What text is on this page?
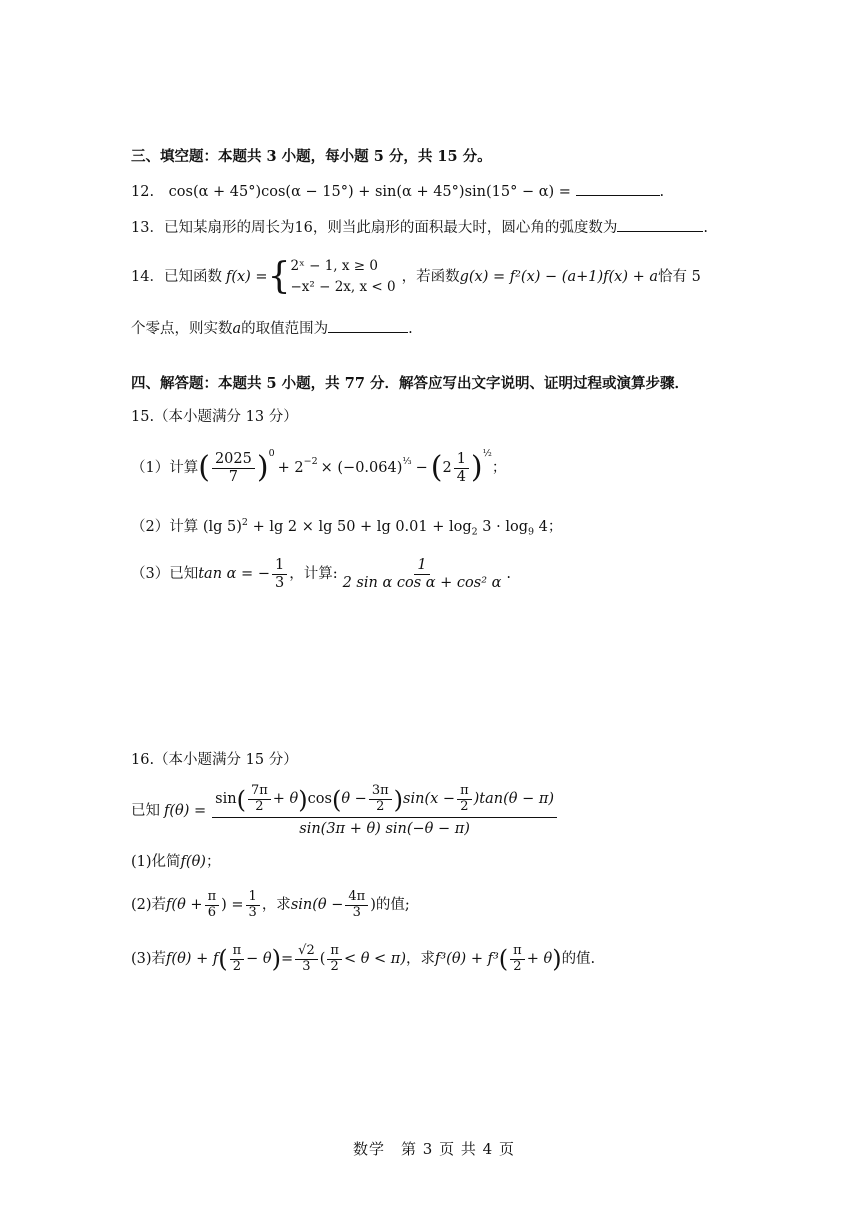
三、填空题：本题共 3 小题，每小题 5 分，共 15 分。
12. cos(α + 45°)cos(α − 15°) + sin(α + 45°)sin(15° − α) =	.
13．已知某扇形的周长为16，则当此扇形的面积最大时，圆心角的弧度数为	.
14．已知函数 f(x) = { 2ˣ − 1, x ≥ 0
−x² − 2x, x < 0
，若函数 g(x) = f²(x) − (a+1)f(x) + a 恰有 5
个零点，则实数a的取值范围为	.
四、解答题：本题共 5 小题，共 77 分．解答应写出文字说明、证明过程或演算步骤．
15.（本小题满分 13 分）
（1）计算 ( $\frac{2025}{7} )^0$
+ $2^{-2} \times (-0.064)^{\frac{1}{3}}$ − ( $2 \frac{1}{4} )^{\frac{1}{2}}$
；
（2）计算 (lg $5)^2 + \lg 2 \times \lg 50 + \lg 0.01 + \log_2 3 \cdot \log_9 4$；
（3）已知 tan α = − $\frac{1}{3}$ ，计算: $\frac{1}{\text{2 sin α cos α + cos² α}}$ .
16.（本小题满分 15 分）
已知 f(θ) =
sin ( $\frac{7\pi}{2} + \theta$ ) cos ( $\theta - \frac{3\pi}{2}$ ) $\sin(x - \frac{\pi}{2} )\tan(\theta - \pi)$
sin(3π + θ) sin(−θ − π)
(1)化简f(θ)；
(2)若 $f(\theta + \frac{\pi}{6}$ ) = $\frac{1}{3}$ ，求 $\sin(\theta - \frac{4\pi}{3}$ )的值;
(3)若 f(θ) + f ( $\frac{\pi}{2} - \theta$ ) = $\frac{√2}{3}$ ( $\frac{\pi}{2} < \theta < \pi$) ，求 f³(θ) + f³ ( $\frac{\pi}{2} + \theta$ ) 的值.
数学　第 3 页 共 4 页
